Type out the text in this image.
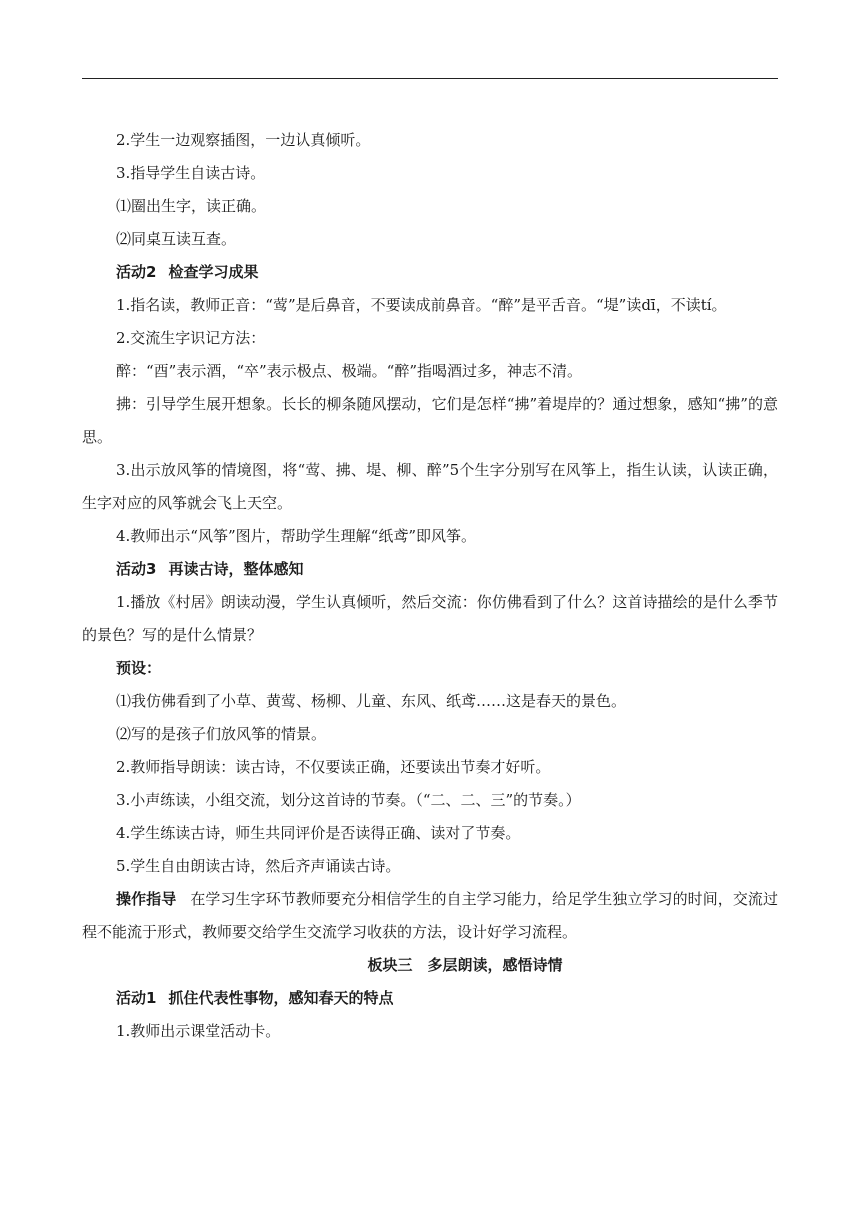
2.学生一边观察插图，一边认真倾听。

3.指导学生自读古诗。

⑴圈出生字，读正确。

⑵同桌互读互查。

活动2 检查学习成果

1.指名读，教师正音：“莺”是后鼻音，不要读成前鼻音。“醉”是平舌音。“堤”读dī，不读tí。

2.交流生字识记方法：

醉：“酉”表示酒，“卒”表示极点、极端。“醉”指喝酒过多，神志不清。

拂：引导学生展开想象。长长的柳条随风摆动，它们是怎样“拂”着堤岸的？通过想象，感知“拂”的意思。

3.出示放风筝的情境图，将“莺、拂、堤、柳、醉”5个生字分别写在风筝上，指生认读，认读正确，生字对应的风筝就会飞上天空。

4.教师出示“风筝”图片，帮助学生理解“纸鸢”即风筝。

活动3 再读古诗，整体感知

1.播放《村居》朗读动漫，学生认真倾听，然后交流：你仿佛看到了什么？这首诗描绘的是什么季节的景色？写的是什么情景？

预设：

⑴我仿佛看到了小草、黄莺、杨柳、儿童、东风、纸鸢……这是春天的景色。

⑵写的是孩子们放风筝的情景。

2.教师指导朗读：读古诗，不仅要读正确，还要读出节奏才好听。

3.小声练读，小组交流，划分这首诗的节奏。（“二、二、三”的节奏。）

4.学生练读古诗，师生共同评价是否读得正确、读对了节奏。

5.学生自由朗读古诗，然后齐声诵读古诗。

操作指导 在学习生字环节教师要充分相信学生的自主学习能力，给足学生独立学习的时间，交流过程不能流于形式，教师要交给学生交流学习收获的方法，设计好学习流程。

板块三　多层朗读，感悟诗情

活动1 抓住代表性事物，感知春天的特点

1.教师出示课堂活动卡。
